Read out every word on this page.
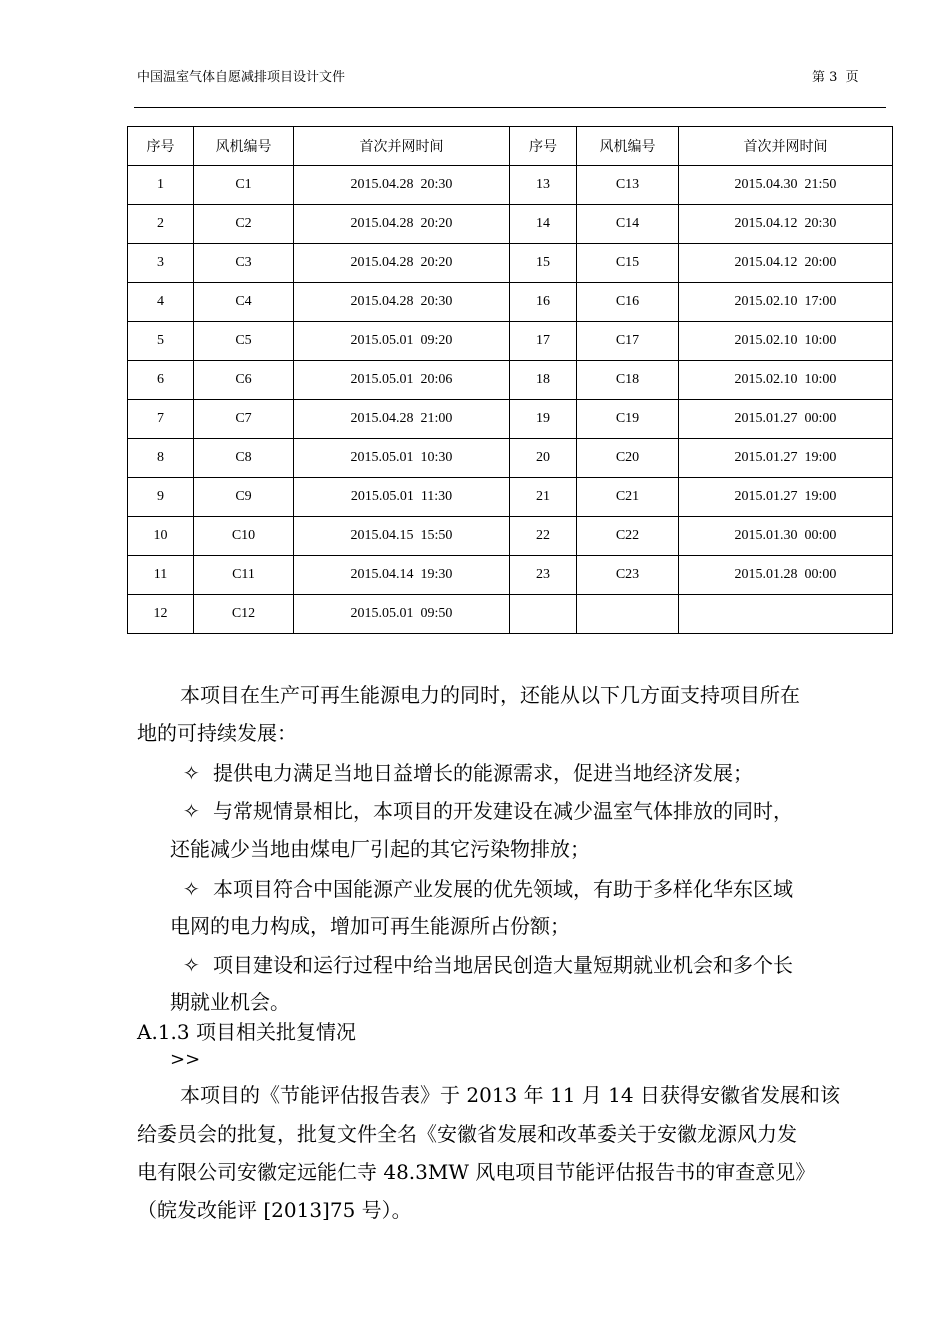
中国温室气体自愿减排项目设计文件	第 3  页
序号	风机编号	首次并网时间	序号	风机编号	首次并网时间
1	C1	2015.04.28  20:30	13	C13	2015.04.30  21:50
2	C2	2015.04.28  20:20	14	C14	2015.04.12  20:30
3	C3	2015.04.28  20:20	15	C15	2015.04.12  20:00
4	C4	2015.04.28  20:30	16	C16	2015.02.10  17:00
5	C5	2015.05.01  09:20	17	C17	2015.02.10  10:00
6	C6	2015.05.01  20:06	18	C18	2015.02.10  10:00
7	C7	2015.04.28  21:00	19	C19	2015.01.27  00:00
8	C8	2015.05.01  10:30	20	C20	2015.01.27  19:00
9	C9	2015.05.01  11:30	21	C21	2015.01.27  19:00
10	C10	2015.04.15  15:50	22	C22	2015.01.30  00:00
11	C11	2015.04.14  19:30	23	C23	2015.01.28  00:00
12	C12	2015.05.01  09:50			
本项目在生产可再生能源电力的同时，还能从以下几方面支持项目所在
地的可持续发展：
✧ 提供电力满足当地日益增长的能源需求，促进当地经济发展；
✧ 与常规情景相比，本项目的开发建设在减少温室气体排放的同时，
还能减少当地由煤电厂引起的其它污染物排放；
✧ 本项目符合中国能源产业发展的优先领域，有助于多样化华东区域
电网的电力构成，增加可再生能源所占份额；
✧ 项目建设和运行过程中给当地居民创造大量短期就业机会和多个长
期就业机会。
A.1.3 项目相关批复情况
>>
本项目的《节能评估报告表》于 2013 年 11 月 14 日获得安徽省发展和该
给委员会的批复，批复文件全名《安徽省发展和改革委关于安徽龙源风力发
电有限公司安徽定远能仁寺 48.3MW 风电项目节能评估报告书的审查意见》
（皖发改能评 [2013]75 号）。
